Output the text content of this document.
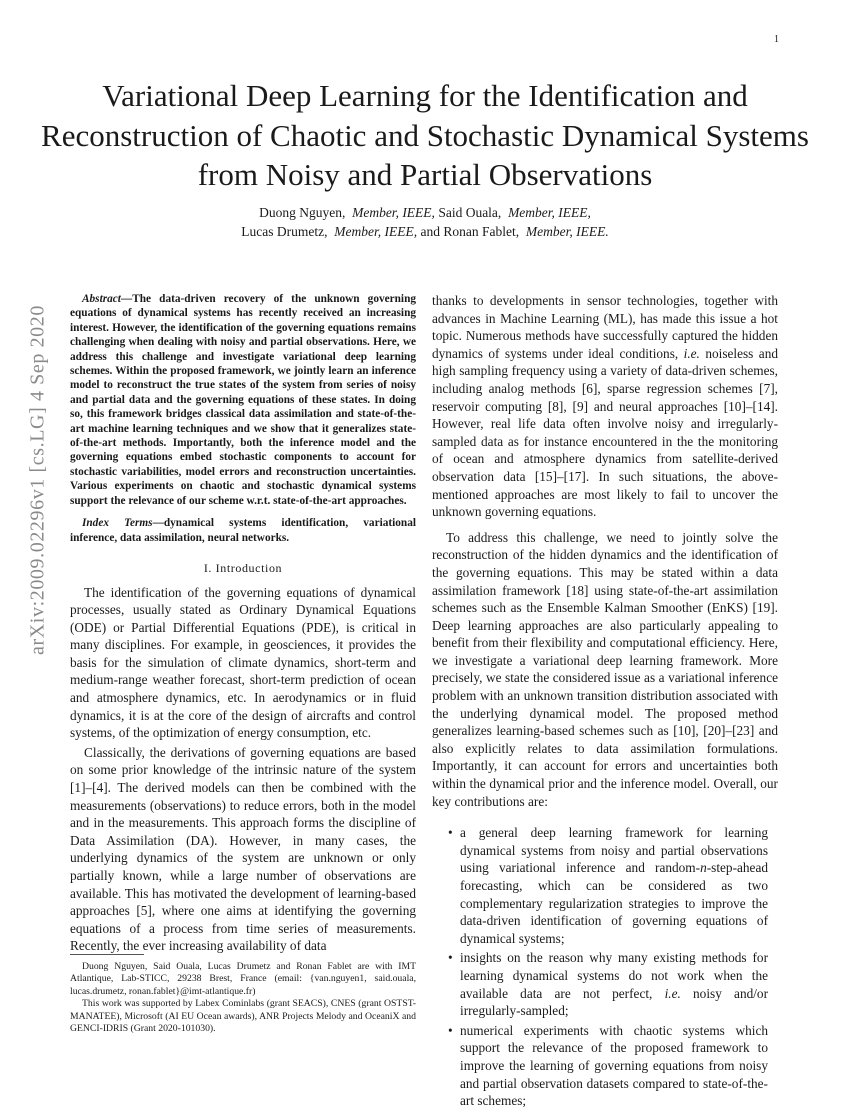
1
arXiv:2009.02296v1 [cs.LG] 4 Sep 2020
Variational Deep Learning for the Identification and Reconstruction of Chaotic and Stochastic Dynamical Systems from Noisy and Partial Observations
Duong Nguyen, Member, IEEE, Said Ouala, Member, IEEE,
Lucas Drumetz, Member, IEEE, and Ronan Fablet, Member, IEEE.

Abstract—The data-driven recovery of the unknown governing equations of dynamical systems has recently received an increasing interest. However, the identification of the governing equations remains challenging when dealing with noisy and partial observations. Here, we address this challenge and investigate variational deep learning schemes. Within the proposed framework, we jointly learn an inference model to reconstruct the true states of the system from series of noisy and partial data and the governing equations of these states. In doing so, this framework bridges classical data assimilation and state-of-the-art machine learning techniques and we show that it generalizes state-of-the-art methods. Importantly, both the inference model and the governing equations embed stochastic components to account for stochastic variabilities, model errors and reconstruction uncertainties. Various experiments on chaotic and stochastic dynamical systems support the relevance of our scheme w.r.t. state-of-the-art approaches.

Index Terms—dynamical systems identification, variational inference, data assimilation, neural networks.

I. Introduction

The identification of the governing equations of dynamical processes, usually stated as Ordinary Dynamical Equations (ODE) or Partial Differential Equations (PDE), is critical in many disciplines. For example, in geosciences, it provides the basis for the simulation of climate dynamics, short-term and medium-range weather forecast, short-term prediction of ocean and atmosphere dynamics, etc. In aerodynamics or in fluid dynamics, it is at the core of the design of aircrafts and control systems, of the optimization of energy consumption, etc.

Classically, the derivations of governing equations are based on some prior knowledge of the intrinsic nature of the system [1]–[4]. The derived models can then be combined with the measurements (observations) to reduce errors, both in the model and in the measurements. This approach forms the discipline of Data Assimilation (DA). However, in many cases, the underlying dynamics of the system are unknown or only partially known, while a large number of observations are available. This has motivated the development of learning-based approaches [5], where one aims at identifying the governing equations of a process from time series of measurements. Recently, the ever increasing availability of data

Duong Nguyen, Said Ouala, Lucas Drumetz and Ronan Fablet are with IMT Atlantique, Lab-STICC, 29238 Brest, France (email: {van.nguyen1, said.ouala, lucas.drumetz, ronan.fablet}@imt-atlantique.fr)

This work was supported by Labex Cominlabs (grant SEACS), CNES (grant OSTST-MANATEE), Microsoft (AI EU Ocean awards), ANR Projects Melody and OceaniX and GENCI-IDRIS (Grant 2020-101030).

thanks to developments in sensor technologies, together with advances in Machine Learning (ML), has made this issue a hot topic. Numerous methods have successfully captured the hidden dynamics of systems under ideal conditions, i.e. noiseless and high sampling frequency using a variety of data-driven schemes, including analog methods [6], sparse regression schemes [7], reservoir computing [8], [9] and neural approaches [10]–[14]. However, real life data often involve noisy and irregularly-sampled data as for instance encountered in the the monitoring of ocean and atmosphere dynamics from satellite-derived observation data [15]–[17]. In such situations, the above-mentioned approaches are most likely to fail to uncover the unknown governing equations.

To address this challenge, we need to jointly solve the reconstruction of the hidden dynamics and the identification of the governing equations. This may be stated within a data assimilation framework [18] using state-of-the-art assimilation schemes such as the Ensemble Kalman Smoother (EnKS) [19]. Deep learning approaches are also particularly appealing to benefit from their flexibility and computational efficiency. Here, we investigate a variational deep learning framework. More precisely, we state the considered issue as a variational inference problem with an unknown transition distribution associated with the underlying dynamical model. The proposed method generalizes learning-based schemes such as [10], [20]–[23] and also explicitly relates to data assimilation formulations. Importantly, it can account for errors and uncertainties both within the dynamical prior and the inference model. Overall, our key contributions are:

• a general deep learning framework for learning dynamical systems from noisy and partial observations using variational inference and random-n-step-ahead forecasting, which can be considered as two complementary regularization strategies to improve the data-driven identification of governing equations of dynamical systems;
• insights on the reason why many existing methods for learning dynamical systems do not work when the available data are not perfect, i.e. noisy and/or irregularly-sampled;
• numerical experiments with chaotic systems which support the relevance of the proposed framework to improve the learning of governing equations from noisy and partial observation datasets compared to state-of-the-art schemes;
